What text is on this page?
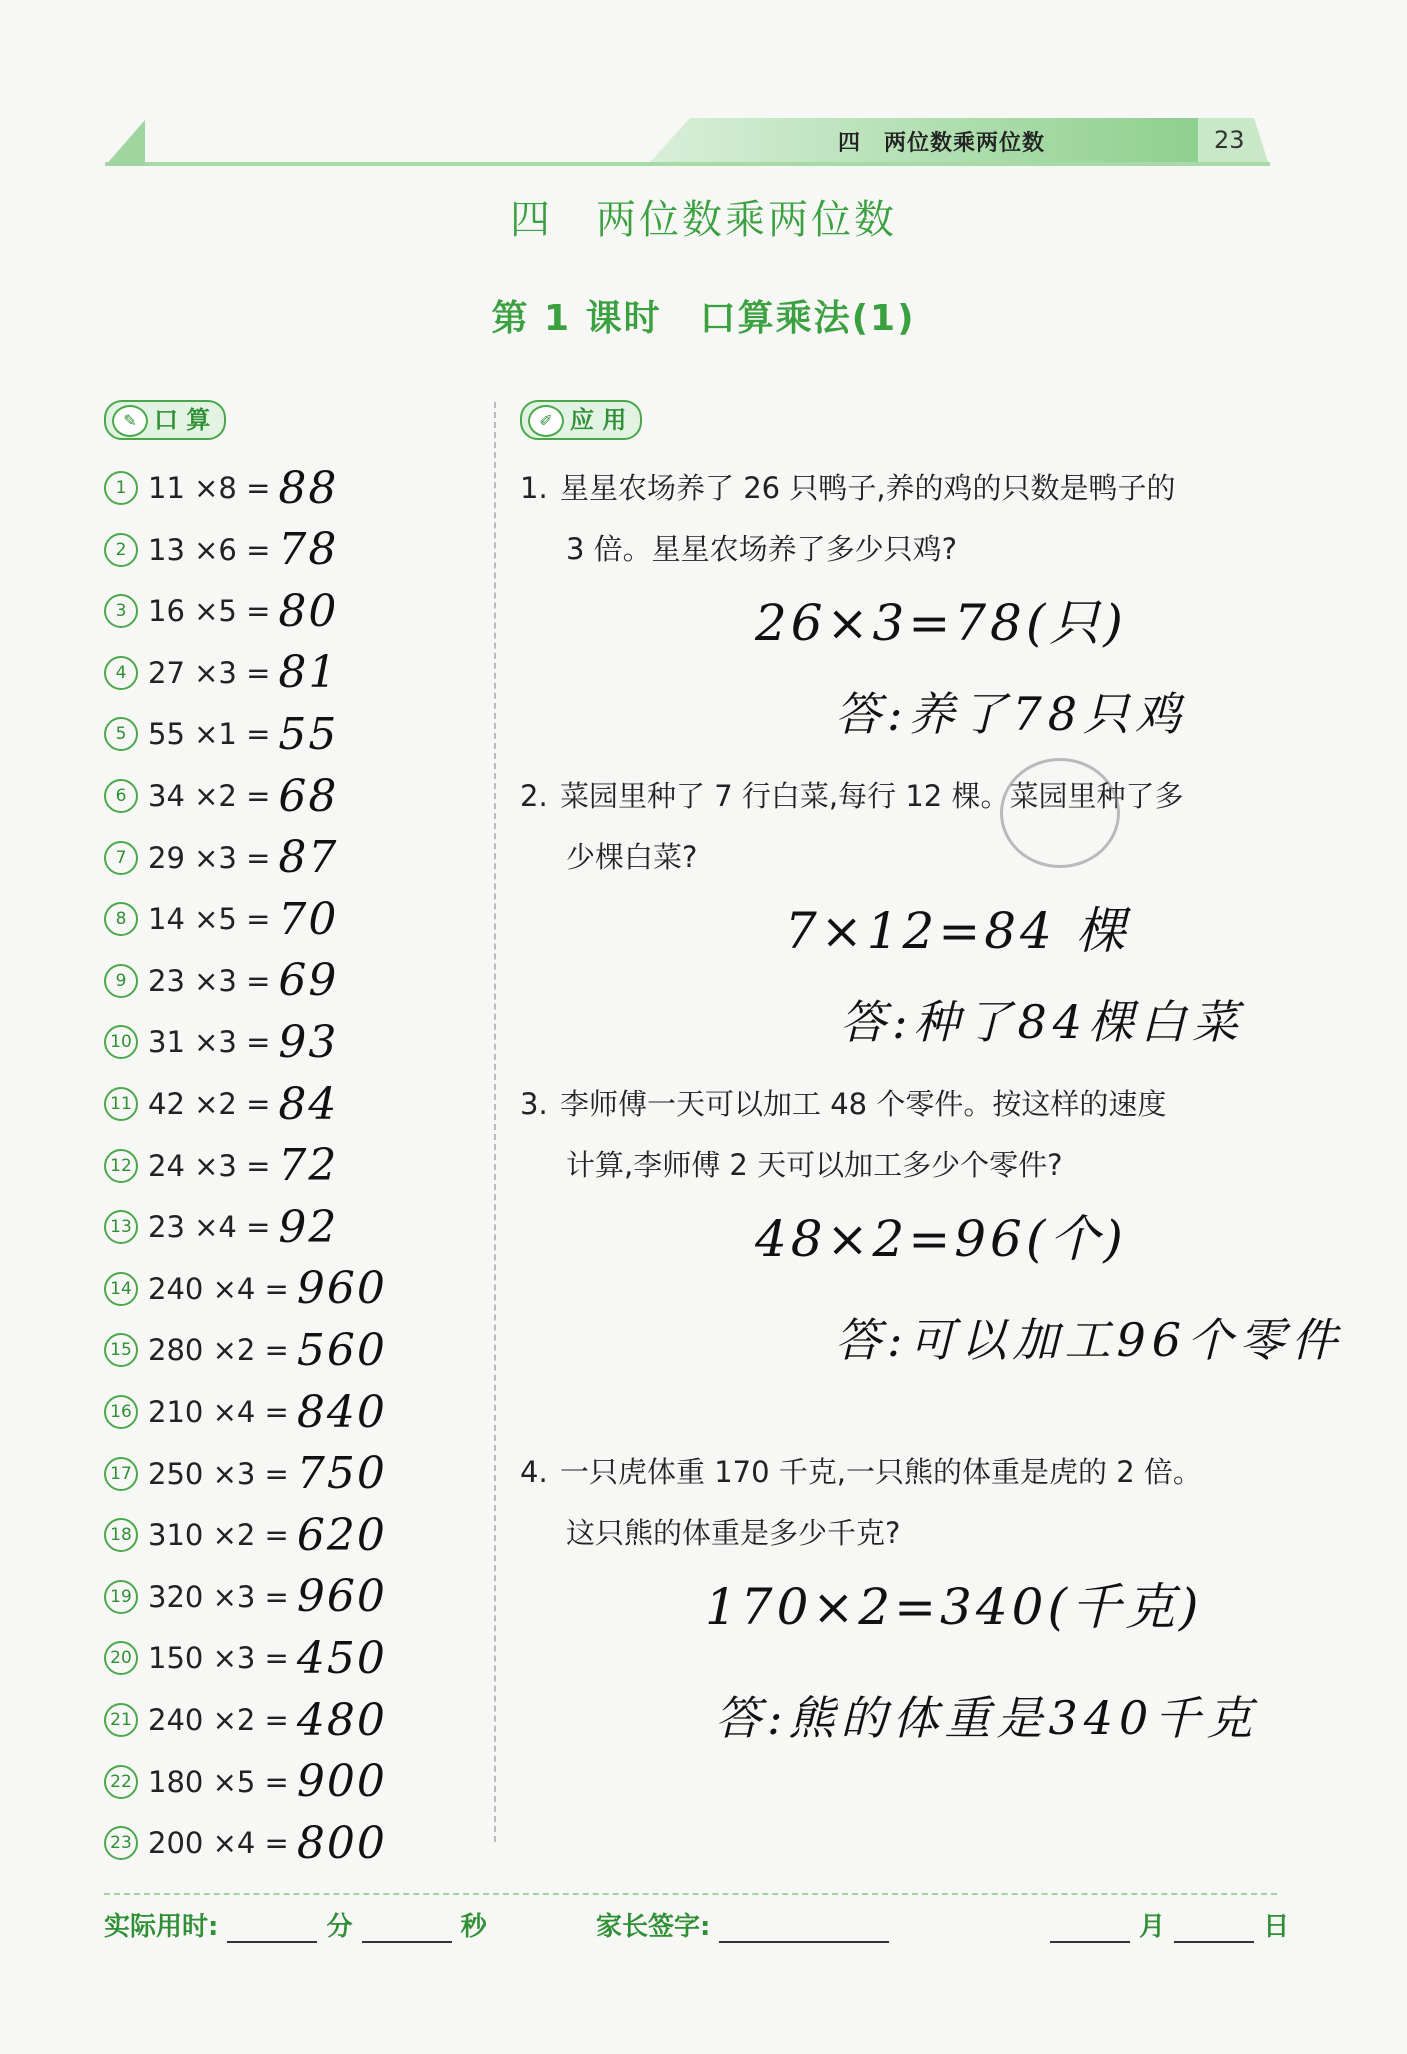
四　两位数乘两位数	23
四　两位数乘两位数
第 1 课时　口算乘法(1)
✎ 口 算	✐ 应 用
1 11 ×8 = 88
2 13 ×6 = 78
3 16 ×5 = 80
4 27 ×3 = 81
5 55 ×1 = 55
6 34 ×2 = 68
7 29 ×3 = 87
8 14 ×5 = 70
9 23 ×3 = 69
10 31 ×3 = 93
11 42 ×2 = 84
12 24 ×3 = 72
13 23 ×4 = 92
14 240 ×4 = 960
15 280 ×2 = 560
16 210 ×4 = 840
17 250 ×3 = 750
18 310 ×2 = 620
19 320 ×3 = 960
20 150 ×3 = 450
21 240 ×2 = 480
22 180 ×5 = 900
23 200 ×4 = 800
1. 星星农场养了 26 只鸭子,养的鸡的只数是鸭子的
3 倍。星星农场养了多少只鸡?
26×3=78(只)
答:养了78只鸡
2. 菜园里种了 7 行白菜,每行 12 棵。菜园里种了多
少棵白菜?
7×12=84 棵
答:种了84棵白菜
3. 李师傅一天可以加工 48 个零件。按这样的速度
计算,李师傅 2 天可以加工多少个零件?
48×2=96(个)
答:可以加工96个零件
4. 一只虎体重 170 千克,一只熊的体重是虎的 2 倍。
这只熊的体重是多少千克?
170×2=340(千克)
答:熊的体重是340千克

实际用时:	分	秒	家长签字:	月	日
